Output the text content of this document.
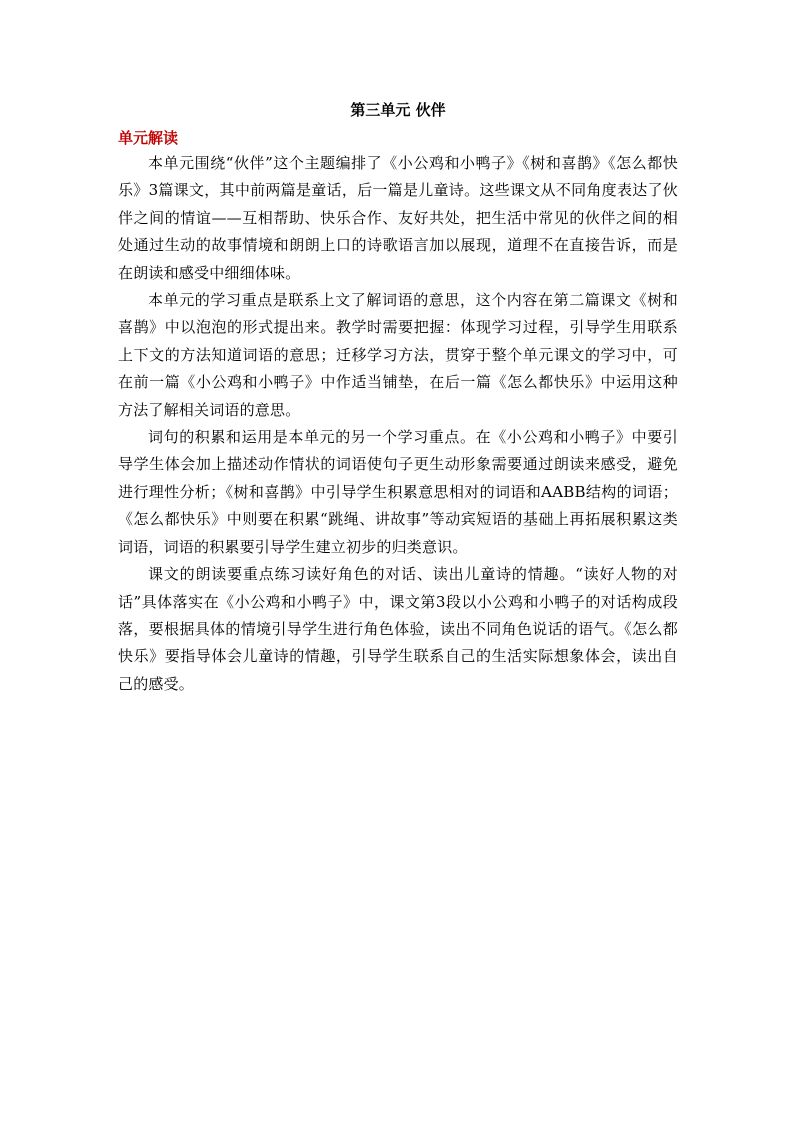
第三单元 伙伴
单元解读

本单元围绕“伙伴”这个主题编排了《小公鸡和小鸭子》《树和喜鹊》《怎么都快乐》3篇课文，其中前两篇是童话，后一篇是儿童诗。这些课文从不同角度表达了伙伴之间的情谊——互相帮助、快乐合作、友好共处，把生活中常见的伙伴之间的相处通过生动的故事情境和朗朗上口的诗歌语言加以展现，道理不在直接告诉，而是在朗读和感受中细细体味。

本单元的学习重点是联系上文了解词语的意思，这个内容在第二篇课文《树和喜鹊》中以泡泡的形式提出来。教学时需要把握：体现学习过程，引导学生用联系上下文的方法知道词语的意思；迁移学习方法，贯穿于整个单元课文的学习中，可在前一篇《小公鸡和小鸭子》中作适当铺垫，在后一篇《怎么都快乐》中运用这种方法了解相关词语的意思。

词句的积累和运用是本单元的另一个学习重点。在《小公鸡和小鸭子》中要引导学生体会加上描述动作情状的词语使句子更生动形象需要通过朗读来感受，避免进行理性分析；《树和喜鹊》中引导学生积累意思相对的词语和AABB结构的词语；《怎么都快乐》中则要在积累“跳绳、讲故事”等动宾短语的基础上再拓展积累这类词语，词语的积累要引导学生建立初步的归类意识。

课文的朗读要重点练习读好角色的对话、读出儿童诗的情趣。“读好人物的对话”具体落实在《小公鸡和小鸭子》中，课文第3段以小公鸡和小鸭子的对话构成段落，要根据具体的情境引导学生进行角色体验，读出不同角色说话的语气。《怎么都快乐》要指导体会儿童诗的情趣，引导学生联系自己的生活实际想象体会，读出自己的感受。
